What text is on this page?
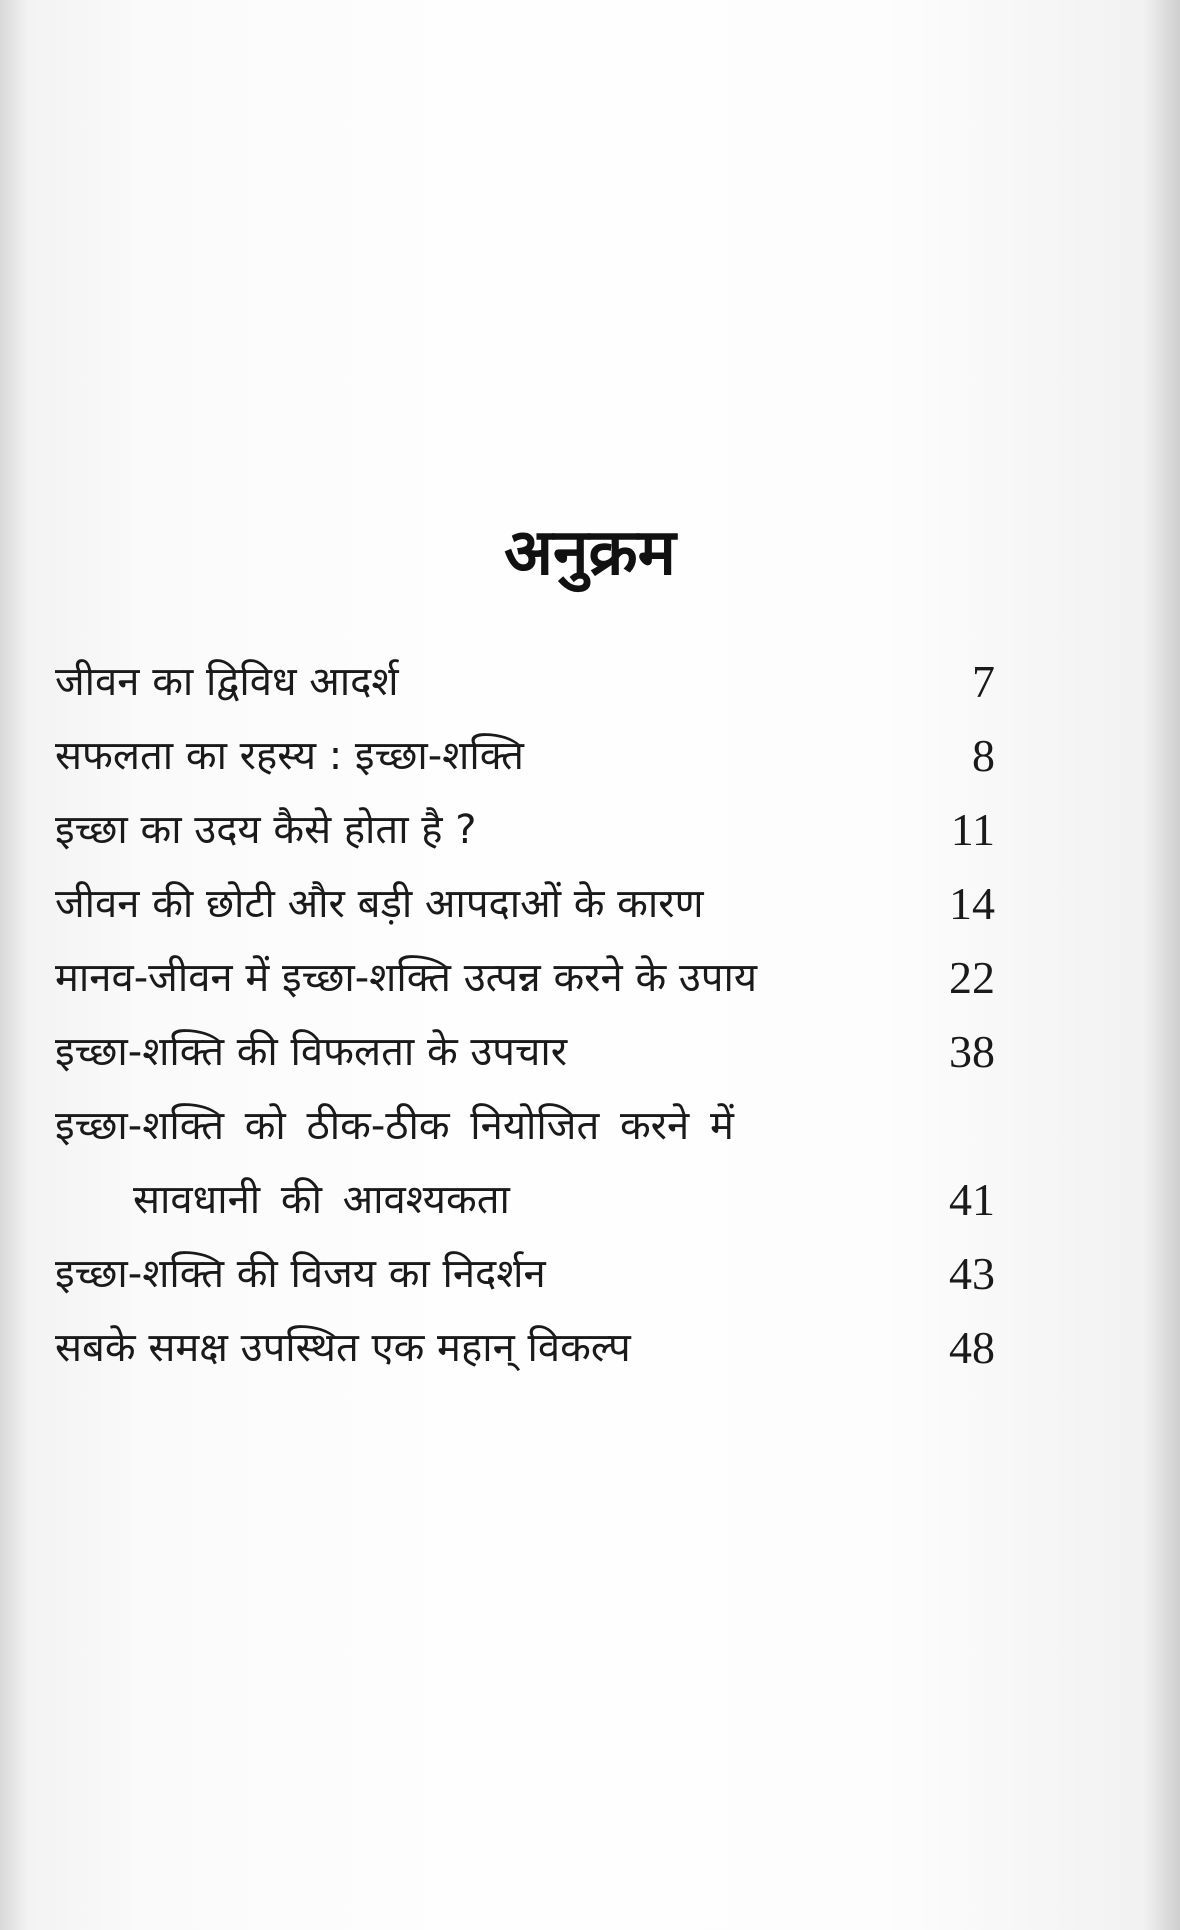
अनुक्रम
जीवन का द्विविध आदर्श	7
सफलता का रहस्य : इच्छा-शक्ति	8
इच्छा का उदय कैसे होता है ?	11
जीवन की छोटी और बड़ी आपदाओं के कारण	14
मानव-जीवन में इच्छा-शक्ति उत्पन्न करने के उपाय	22
इच्छा-शक्ति की विफलता के उपचार	38
इच्छा-शक्ति को ठीक-ठीक नियोजित करने में
सावधानी की आवश्यकता	41
इच्छा-शक्ति की विजय का निदर्शन	43
सबके समक्ष उपस्थित एक महान् विकल्प	48
